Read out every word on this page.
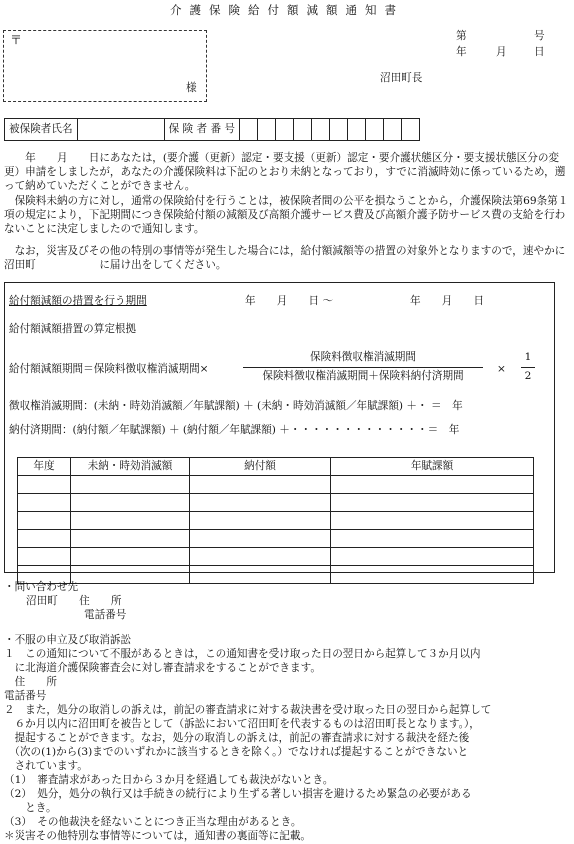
介護保険給付額減額通知書
〒
様
第	号
年	月	日
沼田町長
被保険者氏名		保 険 者 番 号										
　年　　月　　日にあなたは，(要介護（更新）認定・要支援（更新）認定・要介護状態区分・要支援状態区分の変更）申請をしましたが，あなたの介護保険料は下記のとおり未納となっており，すでに消滅時効に係っているため，遡って納めていただくことができません。
保険料未納の方に対し，通常の保険給付を行うことは，被保険者間の公平を損なうことから，介護保険法第69条第１項の規定により，下記期間につき保険給付額の減額及び高額介護サービス費及び高額介護予防サービス費の支給を行わないことに決定しましたので通知します。
なお，災害及びその他の特別の事情等が発生した場合には，給付額減額等の措置の対象外となりますので，速やかに沼田町　　　　　　に届け出をしてください。
給付額減額の措置を行う期間	年　　月　　日 ～	年　　月　　日
給付額減額措置の算定根拠
給付額減額期間＝保険料徴収権消滅期間×
保険料徴収権消滅期間
保険料徴収権消滅期間＋保険料納付済期間
× $\frac{1}{2}$
徴収権消滅期間：(未納・時効消滅額／年賦課額) ＋ (未納・時効消滅額／年賦課額) ＋・ ＝　年
納付済期間：(納付額／年賦課額) ＋ (納付額／年賦課額) ＋・・・・・・・・・・・・・＝　年
年度	未納・時効消滅額	納付額	年賦課額

・問い合わせ先
沼田町 住　　所
電話番号
・不服の申立及び取消訴訟
１　この通知について不服があるときは，この通知書を受け取った日の翌日から起算して３か月以内
　に北海道介護保険審査会に対し審査請求をすることができます。
　住　　所
電話番号
２　また，処分の取消しの訴えは，前記の審査請求に対する裁決書を受け取った日の翌日から起算して
　６か月以内に沼田町を被告として（訴訟において沼田町を代表するものは沼田町長となります。），
　提起することができます。なお，処分の取消しの訴えは，前記の審査請求に対する裁決を経た後
　（次の(1)から(3)までのいずれかに該当するときを除く。）でなければ提起することができないと
　されています。
（1）　審査請求があった日から３か月を経過しても裁決がないとき。
（2）　処分，処分の執行又は手続きの続行により生ずる著しい損害を避けるため緊急の必要がある
　　とき。
（3）　その他裁決を経ないことにつき正当な理由があるとき。
＊災害その他特別な事情等については，通知書の裏面等に記載。
